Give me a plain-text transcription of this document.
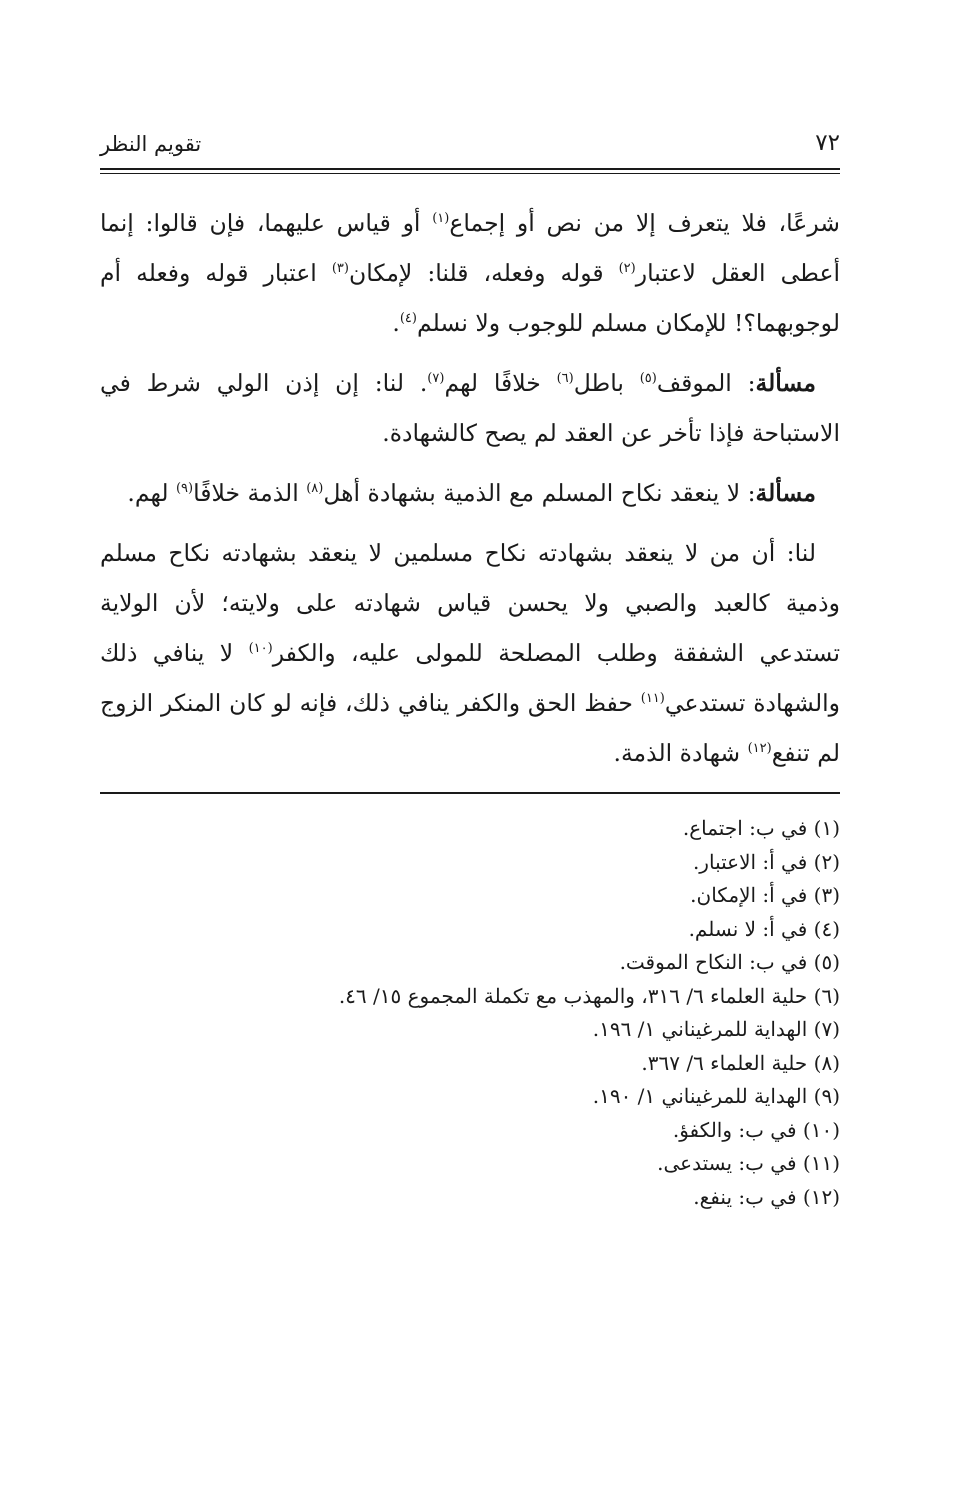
٧٢
تقويم النظر

شرعًا، فلا يتعرف إلا من نص أو إجماع$^{(١)}$ أو قياس عليهما، فإن قالوا: إنما أعطى العقل لاعتبار$^{(٢)}$ قوله وفعله، قلنا: لإمكان$^{(٣)}$ اعتبار قوله وفعله أم لوجوبهما؟! للإمكان مسلم للوجوب ولا نسلم$^{(٤)}$.

مسألة: الموقف$^{(٥)}$ باطل$^{(٦)}$ خلافًا لهم$^{(٧)}$. لنا: إن إذن الولي شرط في الاستباحة فإذا تأخر عن العقد لم يصح كالشهادة.

مسألة: لا ينعقد نكاح المسلم مع الذمية بشهادة أهل$^{(٨)}$ الذمة خلافًا$^{(٩)}$ لهم.

لنا: أن من لا ينعقد بشهادته نكاح مسلمين لا ينعقد بشهادته نكاح مسلم وذمية كالعبد والصبي ولا يحسن قياس شهادته على ولايته؛ لأن الولاية تستدعي الشفقة وطلب المصلحة للمولى عليه، والكفر$^{(١٠)}$ لا ينافي ذلك والشهادة تستدعي$^{(١١)}$ حفظ الحق والكفر ينافي ذلك، فإنه لو كان المنكر الزوج لم تنفع$^{(١٢)}$ شهادة الذمة.

(١) في ب: اجتماع.
(٢) في أ: الاعتبار.
(٣) في أ: الإمكان.
(٤) في أ: لا نسلم.
(٥) في ب: النكاح الموقت.
(٦) حلية العلماء ٦/ ٣١٦، والمهذب مع تكملة المجموع ١٥/ ٤٦.
(٧) الهداية للمرغيناني ١/ ١٩٦.
(٨) حلية العلماء ٦/ ٣٦٧.
(٩) الهداية للمرغيناني ١/ ١٩٠.
(١٠) في ب: والكفؤ.
(١١) في ب: يستدعى.
(١٢) في ب: ينفع.
